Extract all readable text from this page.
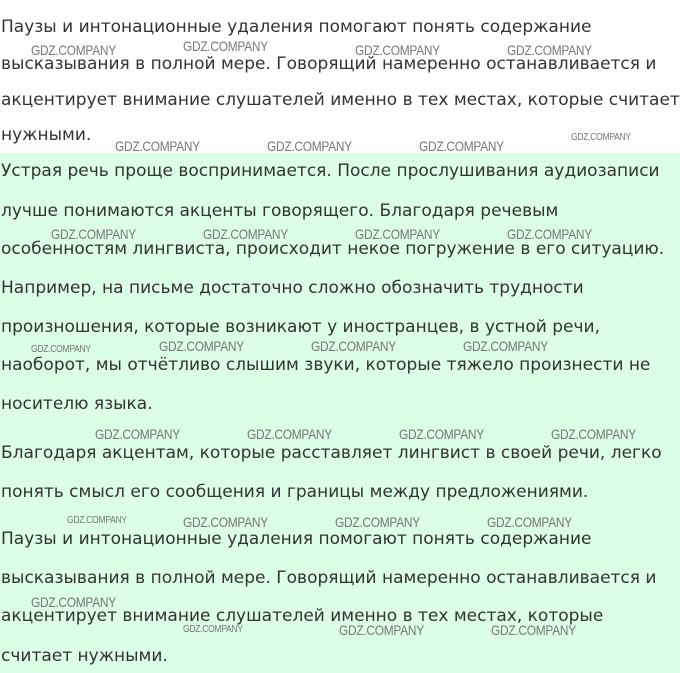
Паузы и интонационные удаления помогают понять содержание
высказывания в полной мере. Говорящий намеренно останавливается и
акцентирует внимание слушателей именно в тех местах, которые считает
нужными.
Устрая речь проще воспринимается. После прослушивания аудиозаписи
лучше понимаются акценты говорящего. Благодаря речевым
особенностям лингвиста, происходит некое погружение в его ситуацию.
Например, на письме достаточно сложно обозначить трудности
произношения, которые возникают у иностранцев, в устной речи,
наоборот, мы отчётливо слышим звуки, которые тяжело произнести не
носителю языка.
Благодаря акцентам, которые расставляет лингвист в своей речи, легко
понять смысл его сообщения и границы между предложениями.
Паузы и интонационные удаления помогают понять содержание
высказывания в полной мере. Говорящий намеренно останавливается и
акцентирует внимание слушателей именно в тех местах, которые
считает нужными.
GDZ.COMPANY	GDZ.COMPANY	GDZ.COMPANY	GDZ.COMPANY
GDZ.COMPANY	GDZ.COMPANY	GDZ.COMPANY
GDZ.COMPANY
GDZ.COMPANY	GDZ.COMPANY	GDZ.COMPANY	GDZ.COMPANY
GDZ.COMPANY	GDZ.COMPANY	GDZ.COMPANY	GDZ.COMPANY
GDZ.COMPANY	GDZ.COMPANY	GDZ.COMPANY	GDZ.COMPANY
GDZ.COMPANY	GDZ.COMPANY	GDZ.COMPANY	GDZ.COMPANY
GDZ.COMPANY
GDZ.COMPANY	GDZ.COMPANY	GDZ.COMPANY
